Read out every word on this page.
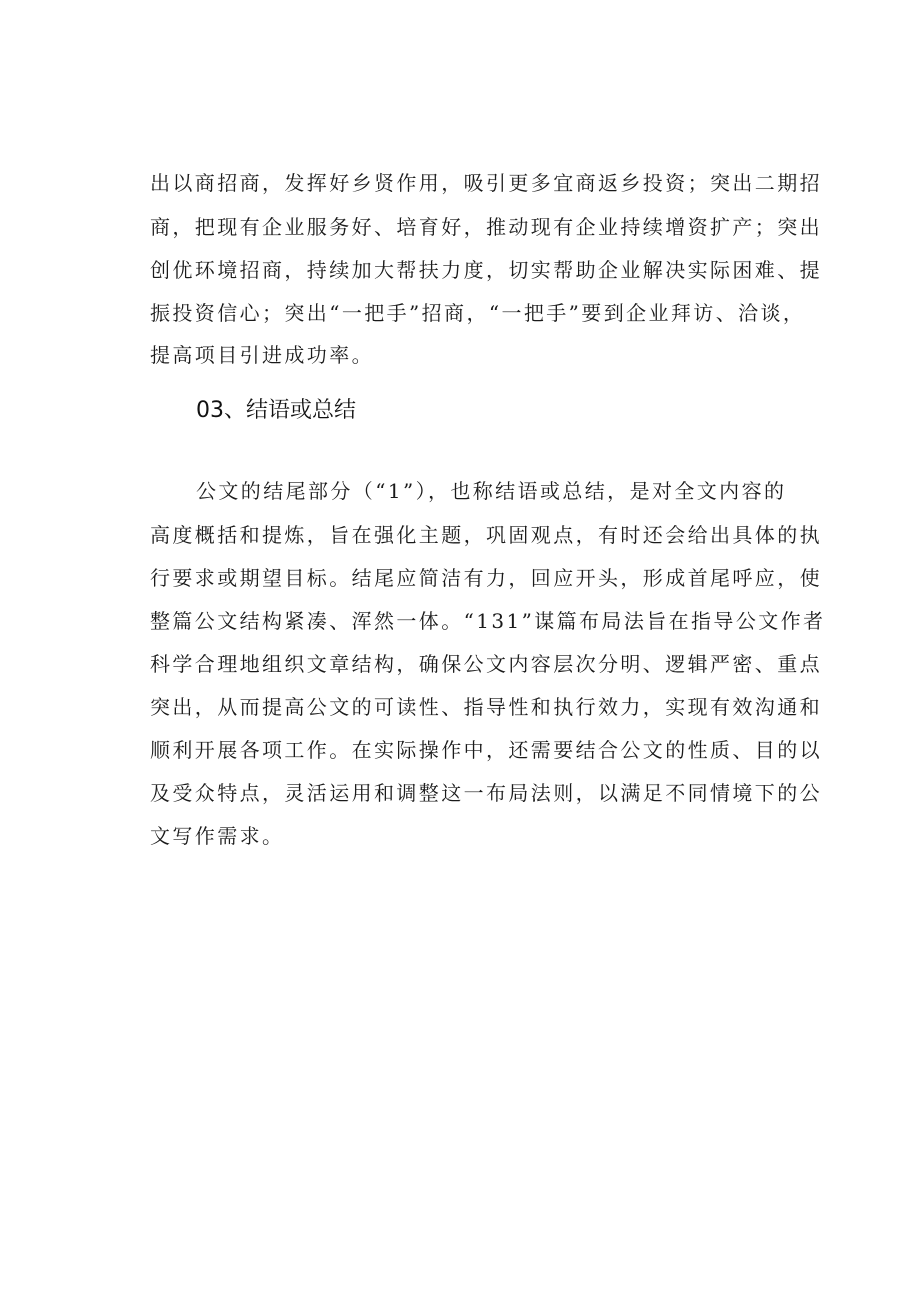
出以商招商，发挥好乡贤作用，吸引更多宜商返乡投资；突出二期招

商，把现有企业服务好、培育好，推动现有企业持续增资扩产；突出

创优环境招商，持续加大帮扶力度，切实帮助企业解决实际困难、提

振投资信心；突出“一把手”招商，“一把手”要到企业拜访、洽谈，

提高项目引进成功率。

03、结语或总结

公文的结尾部分（“1”），也称结语或总结，是对全文内容的

高度概括和提炼，旨在强化主题，巩固观点，有时还会给出具体的执

行要求或期望目标。结尾应简洁有力，回应开头，形成首尾呼应，使

整篇公文结构紧凑、浑然一体。“131”谋篇布局法旨在指导公文作者

科学合理地组织文章结构，确保公文内容层次分明、逻辑严密、重点

突出，从而提高公文的可读性、指导性和执行效力，实现有效沟通和

顺利开展各项工作。在实际操作中，还需要结合公文的性质、目的以

及受众特点，灵活运用和调整这一布局法则，以满足不同情境下的公

文写作需求。
